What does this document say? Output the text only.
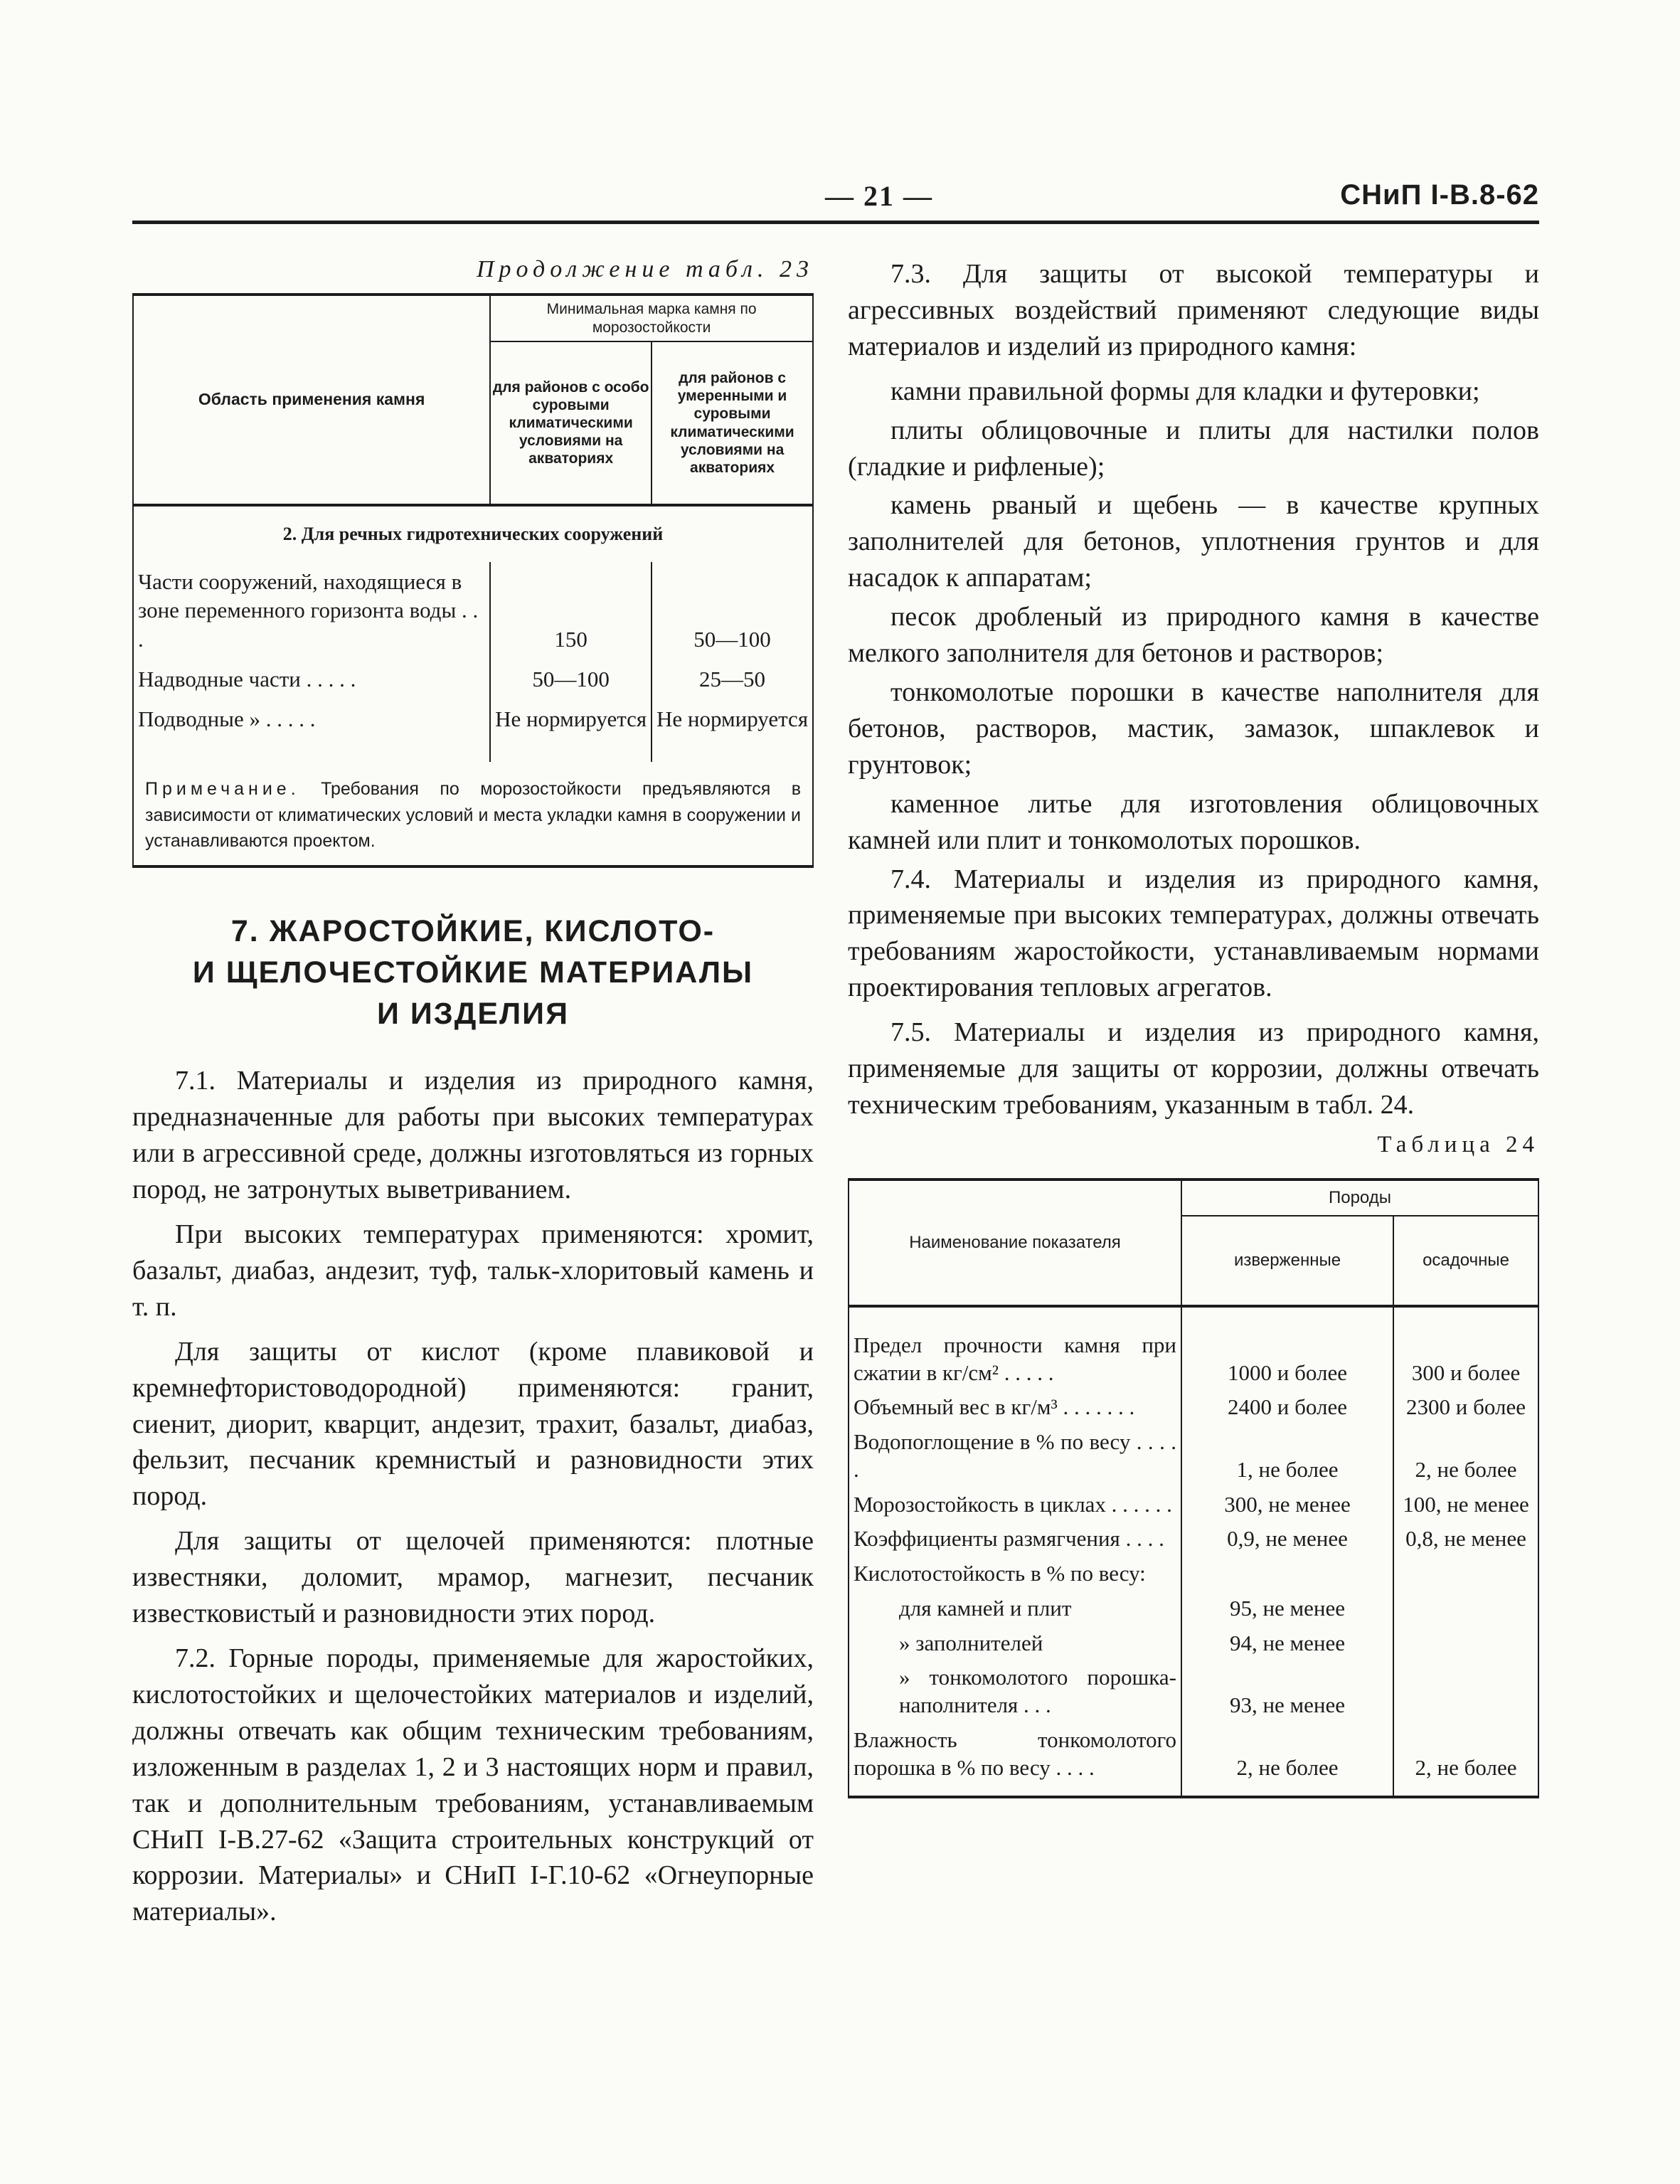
— 21 —	СНиП I-В.8-62
Продолжение табл. 23
Область применения камня	Минимальная марка камня по морозостойкости	
	для районов с особо суровыми климатическими условиями на акваториях	для районов с умеренными и суровыми климатическими условиями на акваториях
2. Для речных гидротехнических сооружений		
Части сооружений, находящиеся в зоне переменного горизонта воды . . .	150	50—100
Надводные части . . . . .	50—100	25—50
Подводные » . . . . .	Не нормируется	Не нормируется
Примечание. Требования по морозостойкости предъявляются в зависимости от климатических условий и места укладки камня в сооружении и устанавливаются проектом.		
7. ЖАРОСТОЙКИЕ, КИСЛОТО-
И ЩЕЛОЧЕСТОЙКИЕ МАТЕРИАЛЫ
И ИЗДЕЛИЯ

7.1. Материалы и изделия из природного камня, предназначенные для работы при высоких температурах или в агрессивной среде, должны изготовляться из горных пород, не затронутых выветриванием.

При высоких температурах применяются: хромит, базальт, диабаз, андезит, туф, тальк-хлоритовый камень и т. п.

Для защиты от кислот (кроме плавиковой и кремнефтористоводородной) применяются: гранит, сиенит, диорит, кварцит, андезит, трахит, базальт, диабаз, фельзит, песчаник кремнистый и разновидности этих пород.

Для защиты от щелочей применяются: плотные известняки, доломит, мрамор, магнезит, песчаник известковистый и разновидности этих пород.

7.2. Горные породы, применяемые для жаростойких, кислотостойких и щелочестойких материалов и изделий, должны отвечать как общим техническим требованиям, изложенным в разделах 1, 2 и 3 настоящих норм и правил, так и дополнительным требованиям, устанавливаемым СНиП I-В.27-62 «Защита строительных конструкций от коррозии. Материалы» и СНиП I-Г.10-62 «Огнеупорные материалы».

7.3. Для защиты от высокой температуры и агрессивных воздействий применяют следующие виды материалов и изделий из природного камня:

камни правильной формы для кладки и футеровки;

плиты облицовочные и плиты для настилки полов (гладкие и рифленые);

камень рваный и щебень — в качестве крупных заполнителей для бетонов, уплотнения грунтов и для насадок к аппаратам;

песок дробленый из природного камня в качестве мелкого заполнителя для бетонов и растворов;

тонкомолотые порошки в качестве наполнителя для бетонов, растворов, мастик, замазок, шпаклевок и грунтовок;

каменное литье для изготовления облицовочных камней или плит и тонкомолотых порошков.

7.4. Материалы и изделия из природного камня, применяемые при высоких температурах, должны отвечать требованиям жаростойкости, устанавливаемым нормами проектирования тепловых агрегатов.

7.5. Материалы и изделия из природного камня, применяемые для защиты от коррозии, должны отвечать техническим требованиям, указанным в табл. 24.

Таблица 24
Наименование показателя	Породы	
	изверженные	осадочные
Предел прочности камня при сжатии в кг/см² . . . . .	1000 и более	300 и более
Объемный вес в кг/м³ . . . . . . .	2400 и более	2300 и более
Водопоглощение в % по весу . . . . .	1, не более	2, не более
Морозостойкость в циклах . . . . . .	300, не менее	100, не менее
Коэффициенты размягчения . . . .	0,9, не менее	0,8, не менее
Кислотостойкость в % по весу:		
для камней и плит	95, не менее	
» заполнителей	94, не менее	
» тонкомолотого порошка-наполнителя . . .	93, не менее	
Влажность тонкомолотого порошка в % по весу . . . .	2, не более	2, не более
